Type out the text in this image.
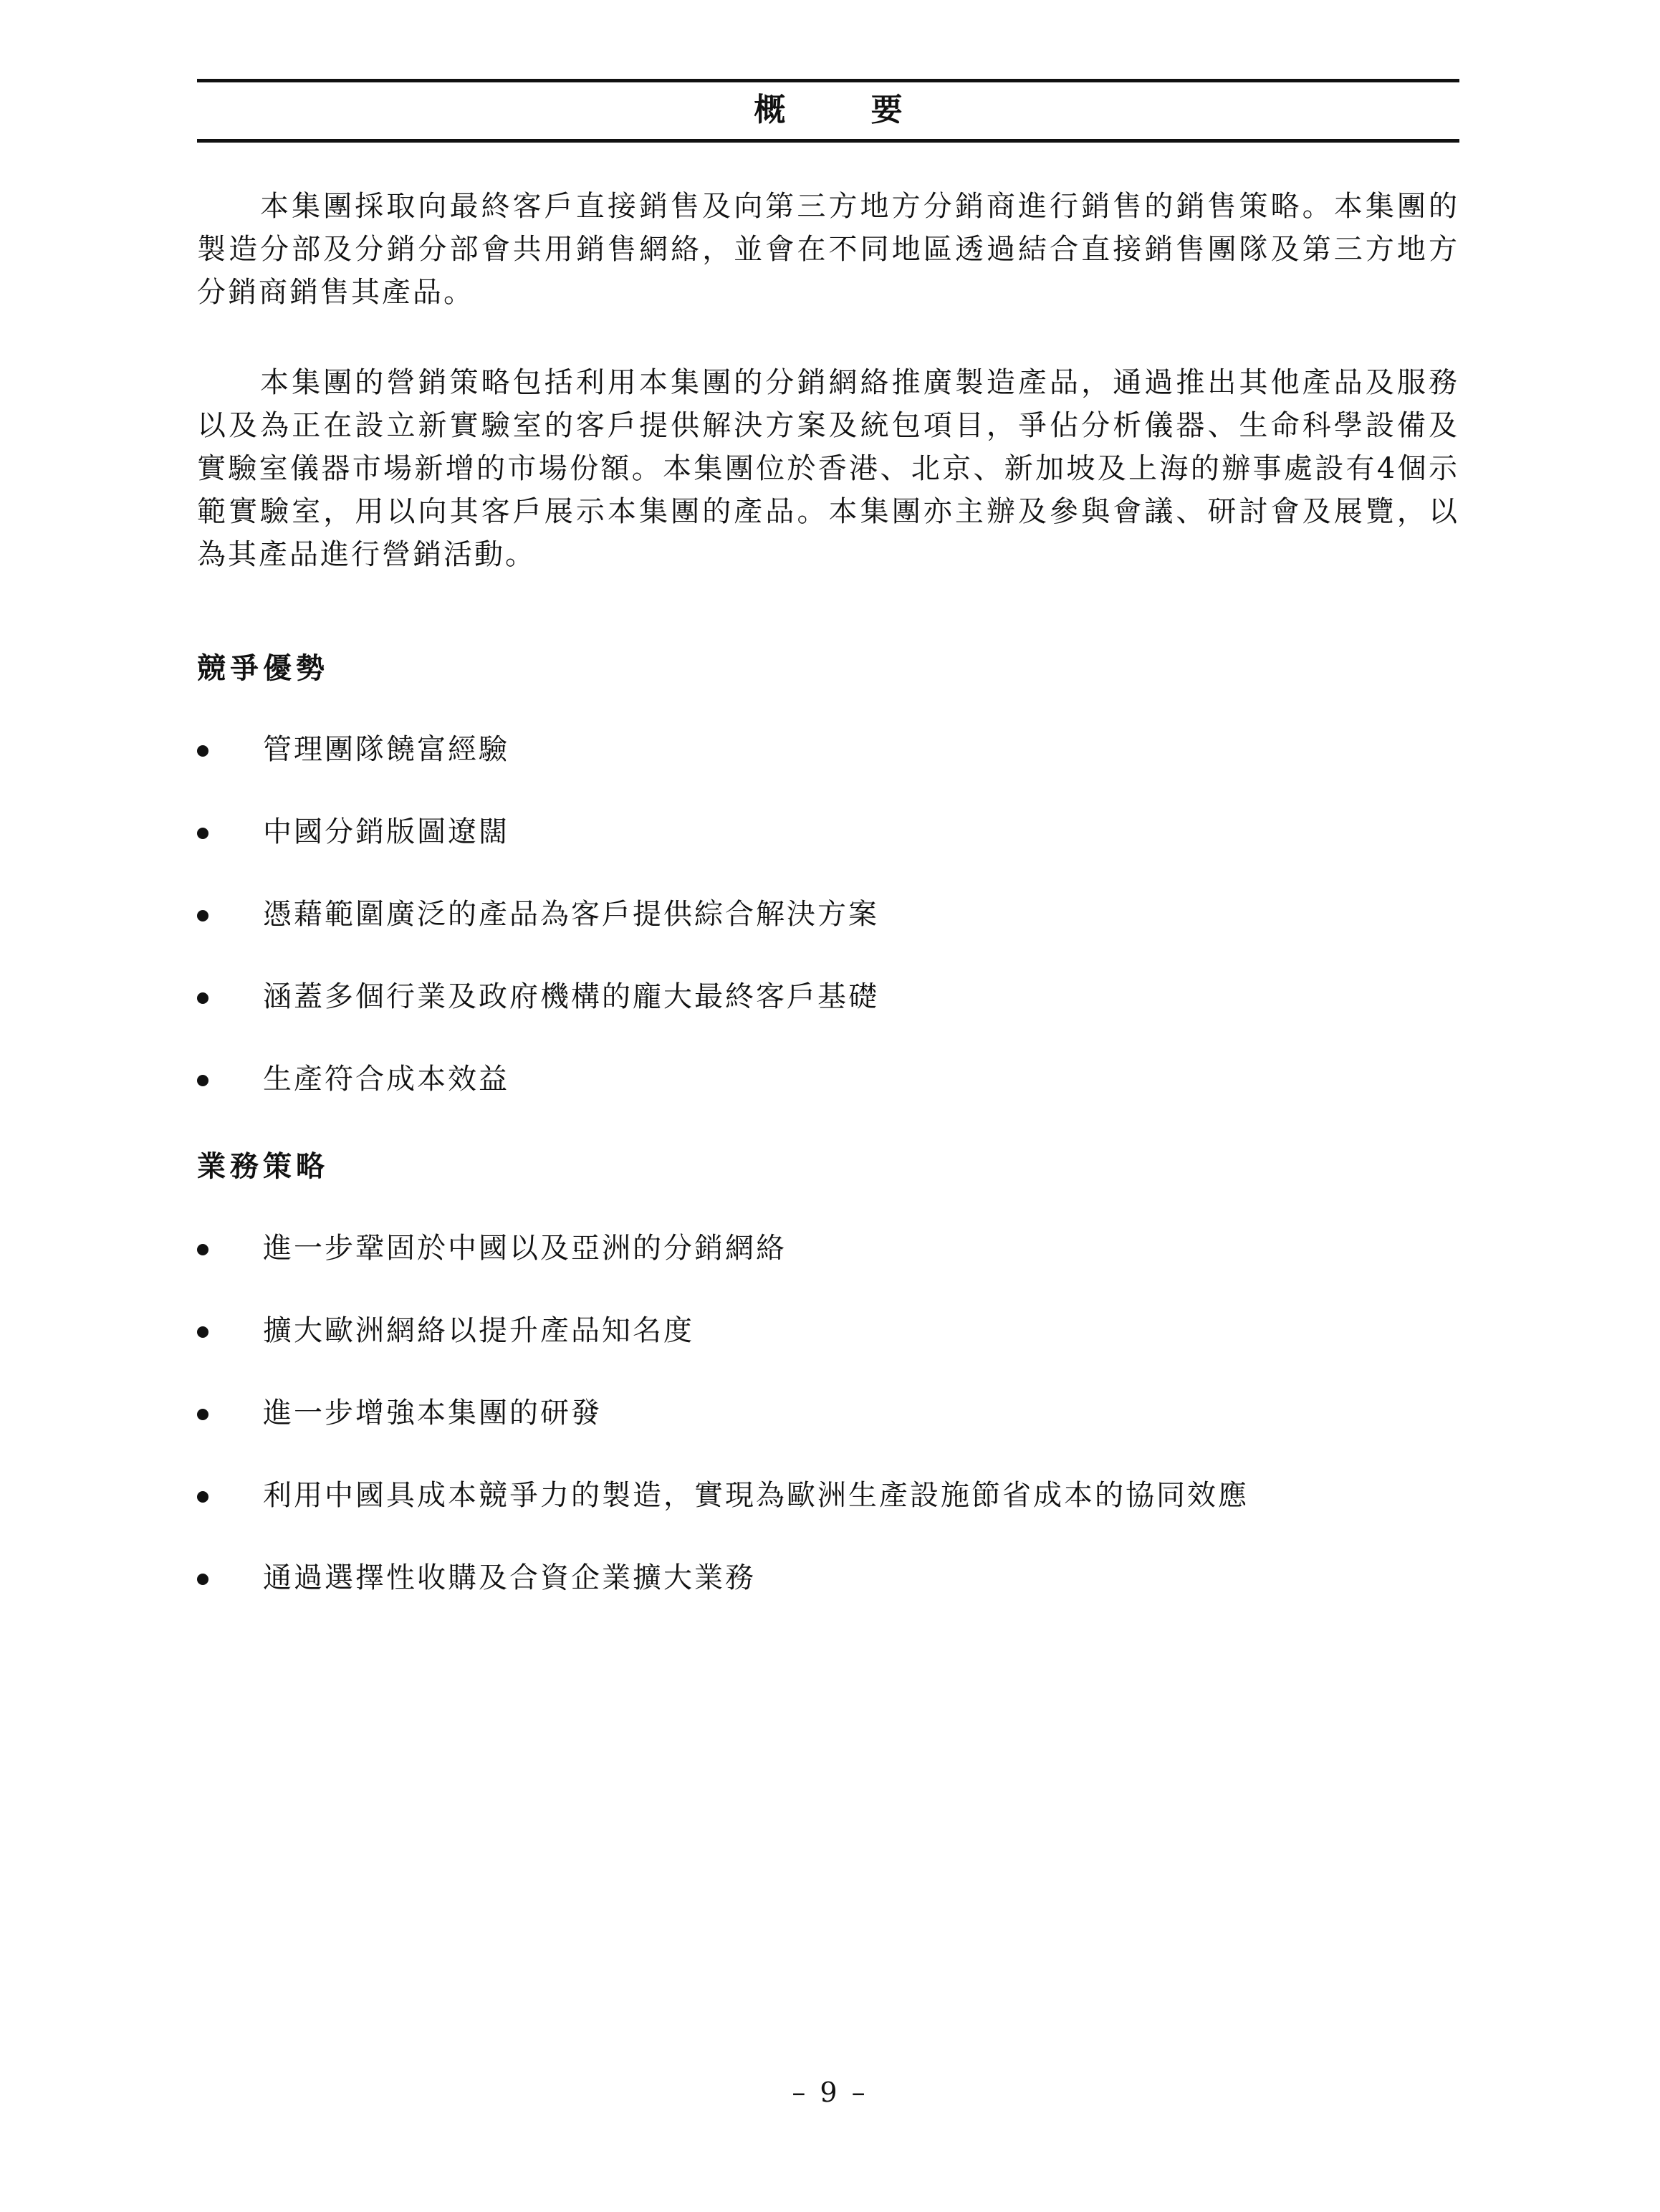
概 要

本集團採取向最終客戶直接銷售及向第三方地方分銷商進行銷售的銷售策略。本集團的製造分部及分銷分部會共用銷售網絡，並會在不同地區透過結合直接銷售團隊及第三方地方分銷商銷售其產品。

本集團的營銷策略包括利用本集團的分銷網絡推廣製造產品，通過推出其他產品及服務以及為正在設立新實驗室的客戶提供解決方案及統包項目，爭佔分析儀器、生命科學設備及實驗室儀器市場新增的市場份額。本集團位於香港、北京、新加坡及上海的辦事處設有4個示範實驗室，用以向其客戶展示本集團的產品。本集團亦主辦及參與會議、研討會及展覽，以為其產品進行營銷活動。

競爭優勢
管理團隊饒富經驗
中國分銷版圖遼闊
憑藉範圍廣泛的產品為客戶提供綜合解決方案
涵蓋多個行業及政府機構的龐大最終客戶基礎
生產符合成本效益
業務策略
進一步鞏固於中國以及亞洲的分銷網絡
擴大歐洲網絡以提升產品知名度
進一步增強本集團的研發
利用中國具成本競爭力的製造，實現為歐洲生產設施節省成本的協同效應
通過選擇性收購及合資企業擴大業務
– 9 –
